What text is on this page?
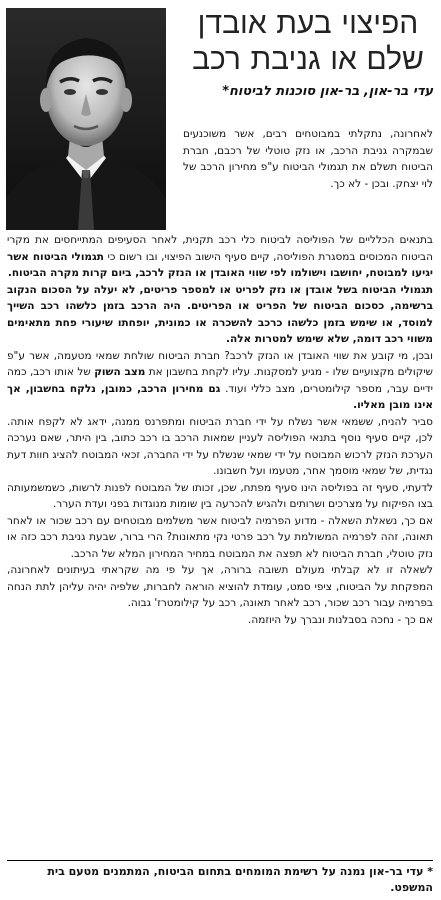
הפיצוי בעת אובדן
שלם או גניבת רכב

עדי בר-און, בר-און סוכנות לביטוח*

לאחרונה, נתקלתי במבוטחים רבים, אשר משוכנעים שבמקרה גניבת הרכב, או נזק טוטלי של רכבם, חברת הביטוח תשלם את תגמולי הביטוח ע"פ מחירון הרכב של לוי יצחק. ובכן - לא כך.

בתנאים הכלליים של הפוליסה לביטוח כלי רכב תקנית, לאחר הסעיפים המתייחסים את מקרי הביטוח המכוסים במסגרת הפוליסה, קיים סעיף הישוב הפיצוי, ובו רשום כי תגמולי הביטוח אשר יגיעו למבוטח, יחושבו וישולמו לפי שווי האובדן או הנזק לרכב, ביום קרות מקרה הביטוח.

תגמולי הביטוח בשל אובדן או נזק לפריט או למספר פריטים, לא יעלה על הסכום הנקוב ברשימה, כסכום הביטוח של הפריט או הפריטים. היה הרכב בזמן כלשהו רכב השייך למוסד, או שימש בזמן כלשהו כרכב להשכרה או כמונית, יופחתו שיעורי פחת מתאימים משווי רכב דומה, שלא שימש למטרות אלה.

ובכן, מי קובע את שווי האובדן או הנזק לרכב? חברת הביטוח שולחת שמאי מטעמה, אשר ע"פ שיקולים מקצועיים שלו - מגיע למסקנות. עליו לקחת בחשבון את מצב השוק של אותו רכב, כמה ידיים עבר, מספר קילומטרים, מצב כללי ועוד. גם מחירון הרכב, כמובן, נלקח בחשבון, אך אינו מובן מאליו.

סביר להניח, ששמאי אשר נשלח על ידי חברת הביטוח ומתפרנס ממנה, ידאג לא לקפח אותה. לכן, קיים סעיף נוסף בתנאי הפוליסה לעניין שמאות הרכב בו רכב כתוב, בין היתר, שאם נערכה הערכת הנזק לרכוש המבוטח על ידי שמאי שנשלח על ידי החברה, זכאי המבוטח להציג חוות דעת נגדית, של שמאי מוסמך אחר, מטעמו ועל חשבונו.

לדעתי, סעיף זה בפוליסה הינו סעיף מפתח, שכן, זכותו של המבוטח לפנות לרשות, כשמשמעותה בצו הפיקוח על מצרכים ושרותים ולהגיש להכרעה בין שומות מנוגדות בפני ועדת הערר.

אם כך, נשאלת השאלה - מדוע הפרמיה לביטוח אשר משלמים מבוטחים עם רכב שכור או לאחר תאונה, זהה לפרמיה המשולמת על רכב פרטי נקי מתאונות? הרי ברור, שבעת גניבת רכב כזה או נזק טוטלי, חברת הביטוח לא תפצה את המבוטח במחיר המחירון המלא של הרכב.

לשאלה זו לא קבלתי מעולם תשובה ברורה, אך על פי מה שקראתי בעיתונים לאחרונה, המפקחת על הביטוח, ציפי סמט, עומדת להוציא הוראה לחברות, שלפיה יהיה עליהן לתת הנחה בפרמיה עבור רכב שכור, רכב לאחר תאונה, רכב על קילומטרז' גבוה.

אם כך - נחכה בסבלנות ונברך על היוזמה.

* עדי בר-און נמנה על רשימת המומחים בתחום הביטוח, המתמנים מטעם בית המשפט.
